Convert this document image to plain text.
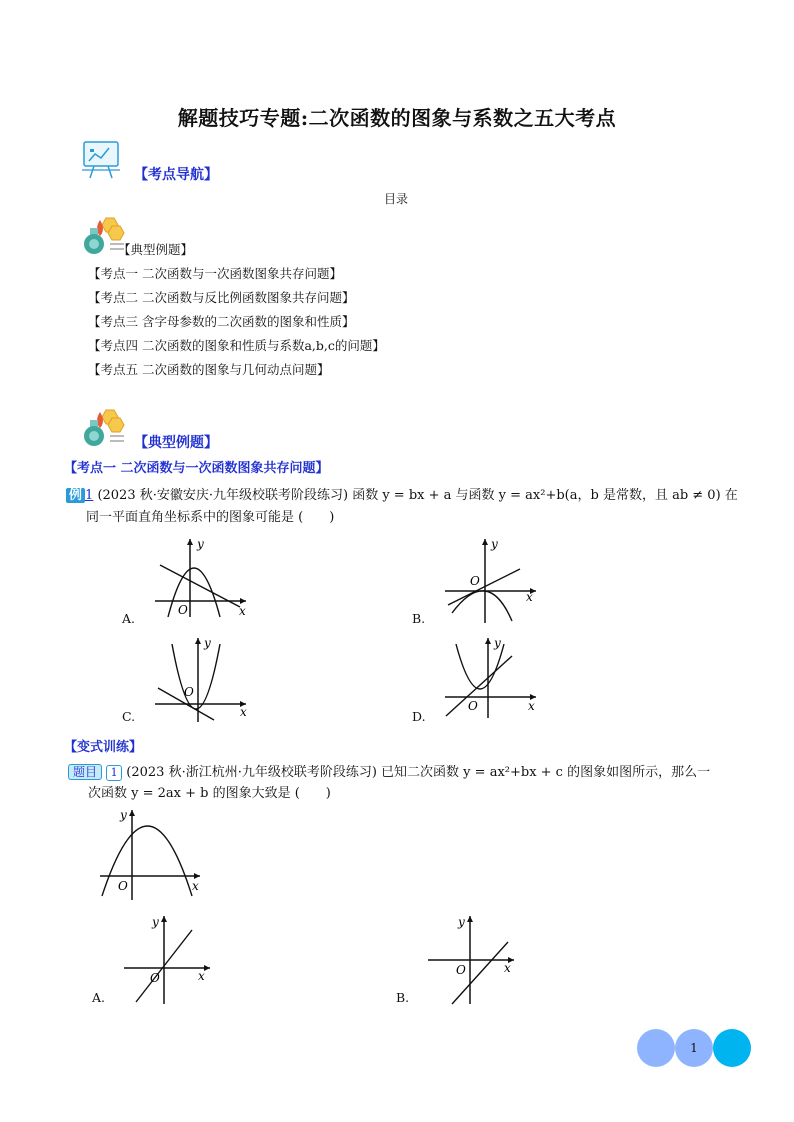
解题技巧专题:二次函数的图象与系数之五大考点
【考点导航】
目录
【典型例题】
【考点一 二次函数与一次函数图象共存问题】
【考点二 二次函数与反比例函数图象共存问题】
【考点三 含字母参数的二次函数的图象和性质】
【考点四 二次函数的图象和性质与系数a,b,c的问题】
【考点五 二次函数的图象与几何动点问题】
【典型例题】
【考点一 二次函数与一次函数图象共存问题】
例 1 (2023 秋·安徽安庆·九年级校联考阶段练习) 函数 y = bx + a 与函数 y = ax²+b(a，b 是常数，且 ab ≠ 0) 在
同一平面直角坐标系中的图象可能是 (　　)
O	x
y
A.
O
x
y
B.
O
x
y
C.
O	x
y
D.
【变式训练】
题目 1 (2023 秋·浙江杭州·九年级校联考阶段练习) 已知二次函数 y = ax²+bx + c 的图象如图所示，那么一
次函数 y = 2ax + b 的图象大致是 (　　)
O	x
y
O	x
y
A.
O	x
y
B.
1
